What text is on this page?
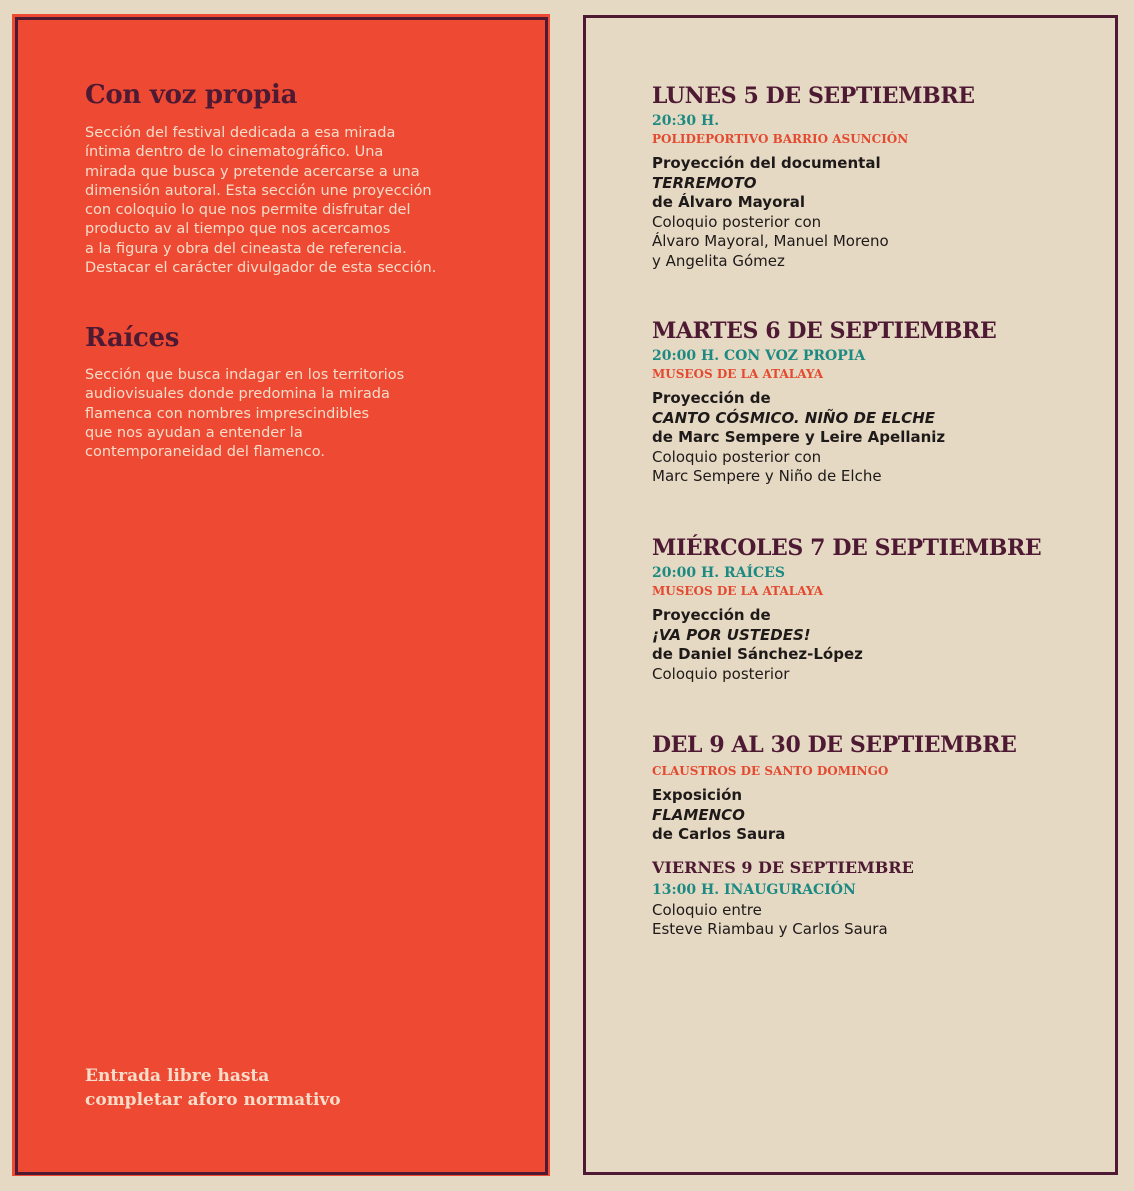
Con voz propia
Sección del festival dedicada a esa mirada
íntima dentro de lo cinematográfico. Una
mirada que busca y pretende acercarse a una
dimensión autoral. Esta sección une proyección
con coloquio lo que nos permite disfrutar del
producto av al tiempo que nos acercamos
a la figura y obra del cineasta de referencia.
Destacar el carácter divulgador de esta sección.
Raíces
Sección que busca indagar en los territorios
audiovisuales donde predomina la mirada
flamenca con nombres imprescindibles
que nos ayudan a entender la
contemporaneidad del flamenco.
Entrada libre hasta
completar aforo normativo
LUNES 5 DE SEPTIEMBRE
20:30 H.
POLIDEPORTIVO BARRIO ASUNCIÓN
Proyección del documental
TERREMOTO
de Álvaro Mayoral
Coloquio posterior con
Álvaro Mayoral, Manuel Moreno
y Angelita Gómez
MARTES 6 DE SEPTIEMBRE
20:00 H. CON VOZ PROPIA
MUSEOS DE LA ATALAYA
Proyección de
CANTO CÓSMICO. NIÑO DE ELCHE
de Marc Sempere y Leire Apellaniz
Coloquio posterior con
Marc Sempere y Niño de Elche
MIÉRCOLES 7 DE SEPTIEMBRE
20:00 H. RAÍCES
MUSEOS DE LA ATALAYA
Proyección de
¡VA POR USTEDES!
de Daniel Sánchez-López
Coloquio posterior
DEL 9 AL 30 DE SEPTIEMBRE
CLAUSTROS DE SANTO DOMINGO
Exposición
FLAMENCO
de Carlos Saura
VIERNES 9 DE SEPTIEMBRE
13:00 H. INAUGURACIÓN
Coloquio entre
Esteve Riambau y Carlos Saura
